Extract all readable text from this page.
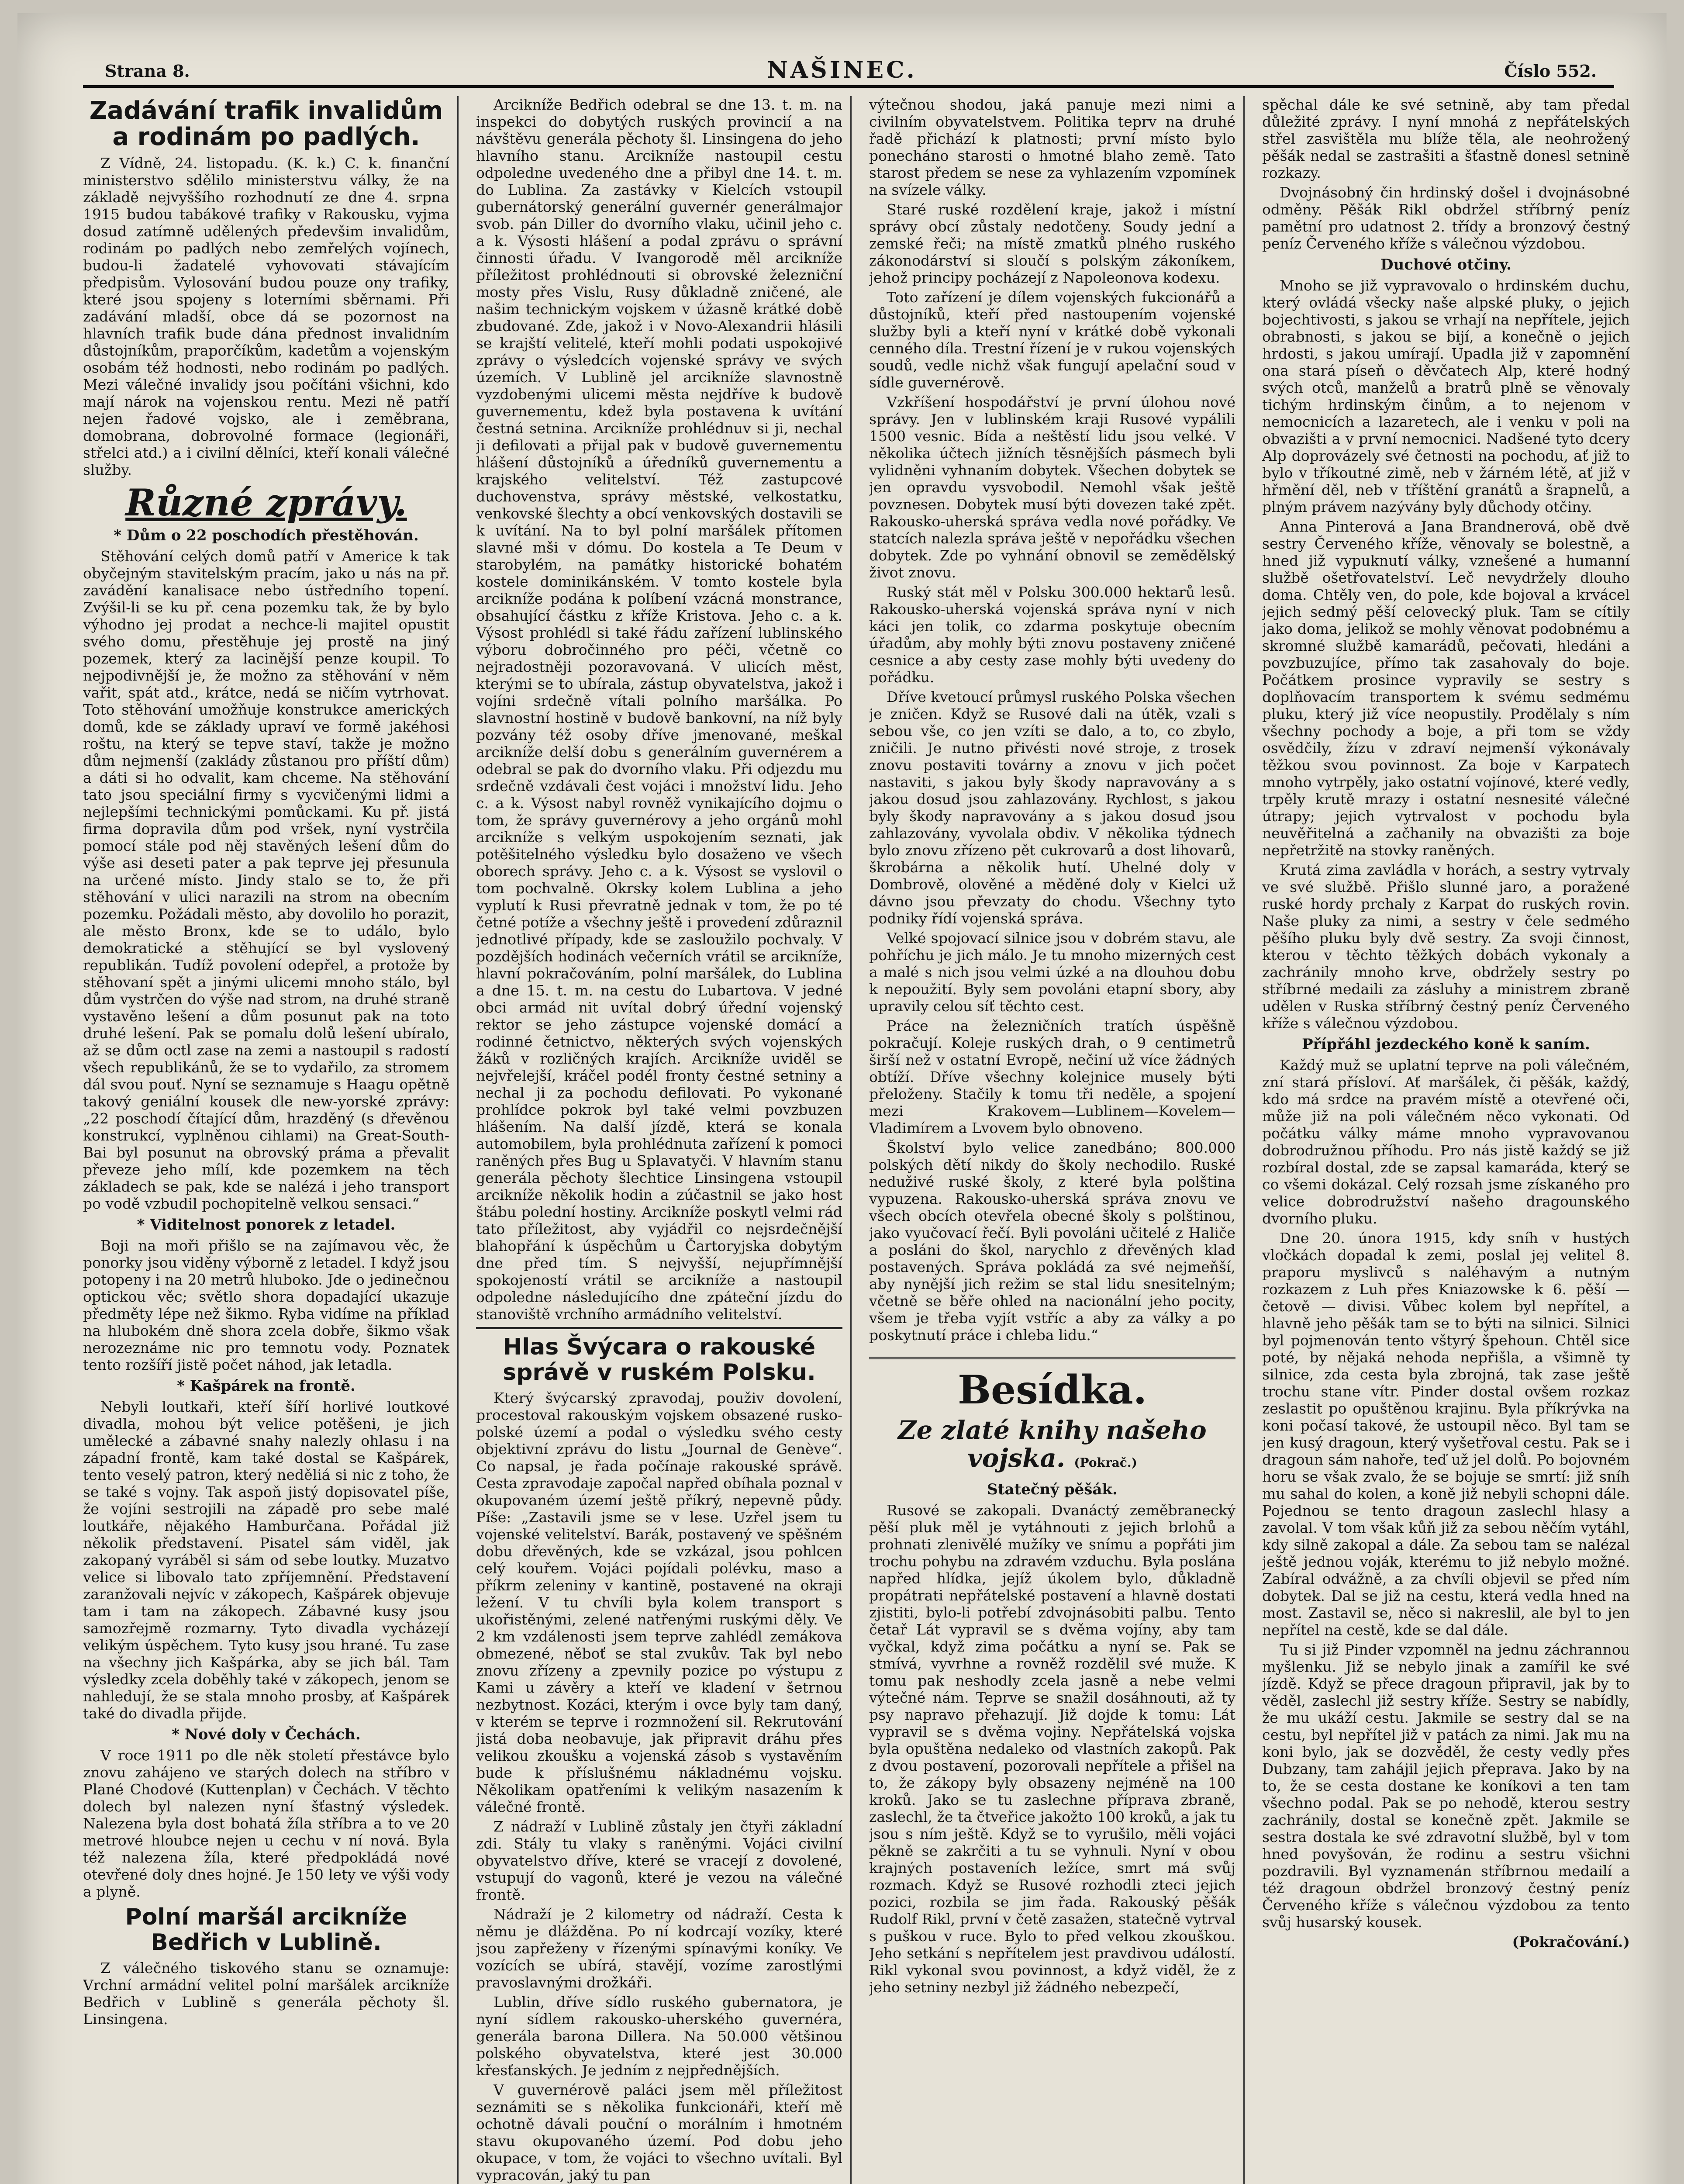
Strana 8.	NAŠINEC.	Číslo 552.
Zadávání trafik invalidům a rodinám po padlých.

Z Vídně, 24. listopadu. (K. k.) C. k. finanční ministerstvo sdělilo ministerstvu války, že na základě nejvyššího rozhodnutí ze dne 4. srpna 1915 budou tabákové trafiky v Rakousku, vyjma dosud zatímně udělených předevšim invalidům, rodinám po padlých nebo zemřelých vojínech, budou-li žadatelé vyhovovati stávajícím předpisům. Vylosování budou pouze ony trafiky, které jsou spojeny s loterními sběrnami. Při zadávání mladší, obce dá se pozornost na hlavních trafik bude dána přednost invalidním důstojníkům, praporčíkům, kadetům a vojenským osobám též hodnosti, nebo rodinám po padlých. Mezi válečné invalidy jsou počítáni všichni, kdo mají nárok na vojenskou rentu. Mezi ně patří nejen řadové vojsko, ale i zeměbrana, domobrana, dobrovolné formace (legionáři, střelci atd.) a i civilní dělníci, kteří konali válečné služby.

Různé zprávy.
* Dům o 22 poschodích přestěhován.

Stěhování celých domů patří v Americe k tak obyčejným stavitelským pracím, jako u nás na př. zavádění kanalisace nebo ústředního topení. Zvýšil-li se ku př. cena pozemku tak, že by bylo výhodno jej prodat a nechce-li majitel opustit svého domu, přestěhuje jej prostě na jiný pozemek, který za lacinější penze koupil. To nejpodivnější je, že možno za stěhování v něm vařit, spát atd., krátce, nedá se ničím vytrhovat. Toto stěhování umožňuje konstrukce amerických domů, kde se základy upraví ve formě jakéhosi roštu, na který se tepve staví, takže je možno dům nejmenší (zaklády zůstanou pro příští dům) a dáti si ho odvalit, kam chceme. Na stěhování tato jsou speciální firmy s vycvičenými lidmi a nejlepšími technickými pomůckami. Ku př. jistá firma dopravila dům pod vršek, nyní vystrčila pomocí stále pod něj stavěných lešení dům do výše asi deseti pater a pak teprve jej přesunula na určené místo. Jindy stalo se to, že při stěhování v ulici narazili na strom na obecním pozemku. Požádali město, aby dovolilo ho porazit, ale město Bronx, kde se to událo, bylo demokratické a stěhující se byl vyslovený republikán. Tudíž povolení odepřel, a protože by stěhovaní spět a jinými ulicemi mnoho stálo, byl dům vystrčen do výše nad strom, na druhé straně vystavěno lešení a dům posunut pak na toto druhé lešení. Pak se pomalu dolů lešení ubíralo, až se dům octl zase na zemi a nastoupil s radostí všech republikánů, že se to vydařilo, za stromem dál svou pouť. Nyní se seznamuje s Haagu opětně takový geniální kousek dle new-yorské zprávy: „22 poschodí čítající dům, hrazděný (s dřevěnou konstrukcí, vyplněnou cihlami) na Great-South-Bai byl posunut na obrovský práma a převalit převeze jeho mílí, kde pozemkem na těch základech se pak, kde se nalézá i jeho transport po vodě vzbudil pochopitelně velkou sensaci.“

* Viditelnost ponorek z letadel.

Boji na moři přišlo se na zajímavou věc, že ponorky jsou viděny výborně z letadel. I když jsou potopeny i na 20 metrů hluboko. Jde o jedinečnou optickou věc; světlo shora dopadající ukazuje předměty lépe než šikmo. Ryba vidíme na příklad na hlubokém dně shora zcela dobře, šikmo však nerozeznáme nic pro temnotu vody. Poznatek tento rozšíří jistě počet náhod, jak letadla.

* Kašpárek na frontě.

Nebyli loutkaři, kteří šíří horlivé loutkové divadla, mohou být velice potěšeni, je jich umělecké a zábavné snahy nalezly ohlasu i na západní frontě, kam také dostal se Kašpárek, tento veselý patron, který neděliá si nic z toho, že se také s vojny. Tak aspoň jistý dopisovatel píše, že vojíni sestrojili na západě pro sebe malé loutkáře, nějakého Hamburčana. Pořádal již několik představení. Pisatel sám viděl, jak zakopaný vyráběl si sám od sebe loutky. Muzatvo velice si libovalo tato zpříjemnění. Představení zaranžovali nejvíc v zákopech, Kašpárek objevuje tam i tam na zákopech. Zábavné kusy jsou samozřejmě rozmarny. Tyto divadla vycházejí velikým úspěchem. Tyto kusy jsou hrané. Tu zase na všechny jich Kašpárka, aby se jich bál. Tam výsledky zcela doběhly také v zákopech, jenom se nahledují, že se stala mnoho prosby, ať Kašpárek také do divadla přijde.

* Nové doly v Čechách.

V roce 1911 po dle něk století přestávce bylo znovu zahájeno ve starých dolech na stříbro v Plané Chodové (Kuttenplan) v Čechách. V těchto dolech byl nalezen nyní šťastný výsledek. Nalezena byla dost bohatá žíla stříbra a to ve 20 metrové hloubce nejen u cechu v ní nová. Byla též nalezena žíla, které předpokládá nové otevřené doly dnes hojné. Je 150 lety ve výši vody a plyně.

Polní maršál arcikníže Bedřich v Lublině.

Z válečného tiskového stanu se oznamuje: Vrchní armádní velitel polní maršálek arcikníže Bedřich v Lublině s generála pěchoty šl. Linsingena.

Arcikníže Bedřich odebral se dne 13. t. m. na inspekci do dobytých ruských provincií a na návštěvu generála pěchoty šl. Linsingena do jeho hlavního stanu. Arcikníže nastoupil cestu odpoledne uvedeného dne a přibyl dne 14. t. m. do Lublina. Za zastávky v Kielcích vstoupil gubernátorský generální guvernér generálmajor svob. pán Diller do dvorního vlaku, učinil jeho c. a k. Výsosti hlášení a podal zprávu o správní činnosti úřadu. V Ivangorodě měl arcikníže příležitost prohlédnouti si obrovské železniční mosty přes Vislu, Rusy důkladně zničené, ale našim technickým vojskem v úžasně krátké době zbudované. Zde, jakož i v Novo-Alexandrii hlásili se krajští velitelé, kteří mohli podati uspokojivé zprávy o výsledcích vojenské správy ve svých územích. V Lublině jel arcikníže slavnostně vyzdobenými ulicemi města nejdříve k budově guvernementu, kdež byla postavena k uvítání čestná setnina. Arcikníže prohlédnuv si ji, nechal ji defilovati a přijal pak v budově guvernementu hlášení důstojníků a úředníků guvernementu a krajského velitelství. Též zastupcové duchovenstva, správy městské, velkostatku, venkovské šlechty a obcí venkovských dostavili se k uvítání. Na to byl polní maršálek přítomen slavné mši v dómu. Do kostela a Te Deum v starobylém, na památky historické bohatém kostele dominikánském. V tomto kostele byla arcikníže podána k políbení vzácná monstrance, obsahující částku z kříže Kristova. Jeho c. a k. Výsost prohlédl si také řádu zařízení lublinského výboru dobročinného pro péči, včetně co nejradostněji pozoravovaná. V ulicích měst, kterými se to ubírala, zástup obyvatelstva, jakož i vojíni srdečně vítali polního maršálka. Po slavnostní hostině v budově bankovní, na níž byly pozvány též osoby dříve jmenované, meškal arcikníže delší dobu s generálním guvernérem a odebral se pak do dvorního vlaku. Při odjezdu mu srdečně vzdávali čest vojáci i množství lidu. Jeho c. a k. Výsost nabyl rovněž vynikajícího dojmu o tom, že správy guvernérovy a jeho orgánů mohl arcikníže s velkým uspokojením seznati, jak potěšitelného výsledku bylo dosaženo ve všech oborech správy. Jeho c. a k. Výsost se vyslovil o tom pochvalně. Okrsky kolem Lublina a jeho vyplutí k Rusi převratně jednak v tom, že po té četné potíže a všechny ještě i provedení zdůraznil jednotlivé případy, kde se zasloužilo pochvaly. V pozdějších hodinách večerních vrátil se arcikníže, hlavní pokračováním, polní maršálek, do Lublina a dne 15. t. m. na cestu do Lubartova. V jedné obci armád nit uvítal dobrý úřední vojenský rektor se jeho zástupce vojenské domácí a rodinné četnictvo, některých svých vojenských žáků v rozličných krajích. Arcikníže uviděl se nejvřelejší, kráčel podél fronty čestné setniny a nechal ji za pochodu defilovati. Po vykonané prohlídce pokrok byl také velmi povzbuzen hlášením. Na další jízdě, která se konala automobilem, byla prohlédnuta zařízení k pomoci raněných přes Bug u Splavatyči. V hlavním stanu generála pěchoty šlechtice Linsingena vstoupil arcikníže několik hodin a zúčastnil se jako host štábu polední hostiny. Arcikníže poskytl velmi rád tato příležitost, aby vyjádřil co nejsrdečnější blahopřání k úspěchům u Čartoryjska dobytým dne před tím. S nejvyšší, nejupřímnější spokojeností vrátil se arcikníže a nastoupil odpoledne následujícího dne zpáteční jízdu do stanoviště vrchního armádního velitelství.

Hlas Švýcara o rakouské správě v ruském Polsku.

Který švýcarský zpravodaj, použiv dovolení, procestoval rakouským vojskem obsazené rusko-polské území a podal o výsledku svého cesty objektivní zprávu do listu „Journal de Genève“. Co napsal, je řada počínaje rakouské správě. Cesta zpravodaje započal napřed obíhala poznal v okupovaném území ještě příkrý, nepevně půdy. Píše: „Zastavili jsme se v lese. Uzřel jsem tu vojenské velitelství. Barák, postavený ve spěšném dobu dřevěných, kde se vzkázal, jsou pohlcen celý kouřem. Vojáci pojídali polévku, maso a příkrm zeleniny v kantině, postavené na okraji ležení. V tu chvíli byla kolem transport s ukořistěnými, zelené natřenými ruskými děly. Ve 2 km vzdálenosti jsem teprve zahlédl zemákova obmezené, něboť se stal zvukův. Tak byl nebo znovu zřízeny a zpevnily pozice po výstupu z Kami u závěry a kteří ve kladení v šetrnou nezbytnost. Kozáci, kterým i ovce byly tam daný, v kterém se teprve i rozmnožení sil. Rekrutování jistá doba neobavuje, jak připravit dráhu přes velikou zkoušku a vojenská zásob s vystavěním bude k příslušnému nákladnému vojsku. Několikam opatřeními k velikým nasazením k válečné frontě.

Z nádraží v Lublině zůstaly jen čtyři základní zdi. Stály tu vlaky s raněnými. Vojáci civilní obyvatelstvo dříve, které se vracejí z dovolené, vstupují do vagonů, které je vezou na válečné frontě.

Nádraží je 2 kilometry od nádraží. Cesta k němu je dlážděna. Po ní kodrcají vozíky, které jsou zapřeženy v řízenými spínavými koníky. Ve vozících se ubírá, stavějí, vozíme zarostlými pravoslavnými drožkáři.

Lublin, dříve sídlo ruského gubernatora, je nyní sídlem rakousko-uherského guvernéra, generála barona Dillera. Na 50.000 většinou polského obyvatelstva, které jest 30.000 křesťanských. Je jedním z nejpřednějších.

V guvernérově paláci jsem měl příležitost seznámiti se s několika funkcionáři, kteří mě ochotně dávali pouční o morálním i hmotném stavu okupovaného území. Pod dobu jeho okupace, v tom, že vojáci to všechno uvítali. Byl vypracován, jaký tu pan

výtečnou shodou, jaká panuje mezi nimi a civilním obyvatelstvem. Politika teprv na druhé řadě přichází k platnosti; první místo bylo ponecháno starosti o hmotné blaho země. Tato starost předem se nese za vyhlazením vzpomínek na svízele války.

Staré ruské rozdělení kraje, jakož i místní správy obcí zůstaly nedotčeny. Soudy jední a zemské řeči; na místě zmatků plného ruského zákonodárství si sloučí s polským zákoníkem, jehož principy pocházejí z Napoleonova kodexu.

Toto zařízení je dílem vojenských fukcionářů a důstojníků, kteří před nastoupením vojenské služby byli a kteří nyní v krátké době vykonali cenného díla. Trestní řízení je v rukou vojenských soudů, vedle nichž však fungují apelační soud v sídle guvernérově.

Vzkříšení hospodářství je první úlohou nové správy. Jen v lublinském kraji Rusové vypálili 1500 vesnic. Bída a neštěstí lidu jsou velké. V několika účtech jižních těsnějších pásmech byli vylidněni vyhnaním dobytek. Všechen dobytek se jen opravdu vysvobodil. Nemohl však ještě povznesen. Dobytek musí býti dovezen také zpět. Rakousko-uherská správa vedla nové pořádky. Ve statcích nalezla správa ještě v nepořádku všechen dobytek. Zde po vyhnání obnovil se zemědělský život znovu.

Ruský stát měl v Polsku 300.000 hektarů lesů. Rakousko-uherská vojenská správa nyní v nich káci jen tolik, co zdarma poskytuje obecním úřadům, aby mohly býti znovu postaveny zničené cesnice a aby cesty zase mohly býti uvedeny do pořádku.

Dříve kvetoucí průmysl ruského Polska všechen je zničen. Když se Rusové dali na útěk, vzali s sebou vše, co jen vzíti se dalo, a to, co zbylo, zničili. Je nutno přivésti nové stroje, z trosek znovu postaviti továrny a znovu v jich počet nastaviti, s jakou byly škody napravovány a s jakou dosud jsou zahlazovány. Rychlost, s jakou byly škody napravovány a s jakou dosud jsou zahlazovány, vyvolala obdiv. V několika týdnech bylo znovu zřízeno pět cukrovarů a dost lihovarů, škrobárna a několik hutí. Uhelné doly v Dombrově, olověné a měděné doly v Kielci už dávno jsou převzaty do chodu. Všechny tyto podniky řídí vojenská správa.

Velké spojovací silnice jsou v dobrém stavu, ale pohříchu je jich málo. Je tu mnoho mizerných cest a malé s nich jsou velmi úzké a na dlouhou dobu k nepoužití. Byly sem povoláni etapní sbory, aby upravily celou síť těchto cest.

Práce na železničních tratích úspěšně pokračují. Koleje ruských drah, o 9 centimetrů širší než v ostatní Evropě, nečiní už více žádných obtíží. Dříve všechny kolejnice musely býti přeloženy. Stačily k tomu tři neděle, a spojení mezi Krakovem—Lublinem—Kovelem—Vladimírem a Lvovem bylo obnoveno.

Školství bylo velice zanedbáno; 800.000 polských dětí nikdy do školy nechodilo. Ruské neduživé ruské školy, z které byla polština vypuzena. Rakousko-uherská správa znovu ve všech obcích otevřela obecné školy s polštinou, jako vyučovací řečí. Byli povoláni učitelé z Haliče a posláni do škol, narychlo z dřevěných klad postavených. Správa pokládá za své nejmeňší, aby nynější jich režim se stal lidu snesitelným; včetně se běře ohled na nacionální jeho pocity, všem je třeba vyjít vstříc a aby za války a po poskytnutí práce i chleba lidu.“

Besídka.
Ze zlaté knihy našeho vojska. (Pokrač.)
Statečný pěšák.

Rusové se zakopali. Dvanáctý zeměbranecký pěší pluk měl je vytáhnouti z jejich brlohů a prohnati zlenivělé mužíky ve snímu a popřáti jim trochu pohybu na zdravém vzduchu. Byla poslána napřed hlídka, jejíž úkolem bylo, důkladně propátrati nepřátelské postavení a hlavně dostati zjistiti, bylo-li potřebí zdvojnásobiti palbu. Tento četař Lát vypravil se s dvěma vojíny, aby tam vyčkal, když zima počátku a nyní se. Pak se stmívá, vyvrhne a rovněž rozdělil své muže. K tomu pak neshodly zcela jasně a nebe velmi výtečné nám. Teprve se snažil dosáhnouti, až ty psy napravo přehazují. Již dojde k tomu: Lát vypravil se s dvěma vojiny. Nepřátelská vojska byla opuštěna nedaleko od vlastních zakopů. Pak z dvou postavení, pozorovali nepřítele a přišel na to, že zákopy byly obsazeny nejméně na 100 kroků. Jako se tu zaslechne příprava zbraně, zaslechl, že ta čtveřice jakožto 100 kroků, a jak tu jsou s ním ještě. Když se to vyrušilo, měli vojáci pěkně se zakrčiti a tu se vyhnuli. Nyní v obou krajných postaveních ležíce, smrt má svůj rozmach. Když se Rusové rozhodli zteci jejich pozici, rozbila se jim řada. Rakouský pěšák Rudolf Rikl, první v četě zasažen, statečně vytrval s puškou v ruce. Bylo to před velkou zkouškou. Jeho setkání s nepřítelem jest pravdivou událostí. Rikl vykonal svou povinnost, a když viděl, že z jeho setniny nezbyl již žádného nebezpečí,

spěchal dále ke své setnině, aby tam předal důležité zprávy. I nyní mnohá z nepřátelských střel zasvištěla mu blíže těla, ale neohrožený pěšák nedal se zastrašiti a šťastně donesl setnině rozkazy.

Dvojnásobný čin hrdinský došel i dvojnásobné odměny. Pěšák Rikl obdržel stříbrný peníz pamětní pro udatnost 2. třídy a bronzový čestný peníz Červeného kříže s válečnou výzdobou.

Duchové otčiny.

Mnoho se již vypravovalo o hrdinském duchu, který ovládá všecky naše alpské pluky, o jejich bojechtivosti, s jakou se vrhají na nepřítele, jejich obrabnosti, s jakou se bijí, a konečně o jejich hrdosti, s jakou umírají. Upadla již v zapomnění ona stará píseň o děvčatech Alp, které hodný svých otců, manželů a bratrů plně se věnovaly tichým hrdinským činům, a to nejenom v nemocnicích a lazaretech, ale i venku v poli na obvazišti a v první nemocnici. Nadšené tyto dcery Alp doprovázely své četnosti na pochodu, ať již to bylo v tříkoutné zimě, neb v žárném létě, ať již v hřmění děl, neb v tříštění granátů a šrapnelů, a plným právem nazývány byly důchody otčiny.

Anna Pinterová a Jana Brandnerová, obě dvě sestry Červeného kříže, věnovaly se bolestně, a hned již vypuknutí války, vznešené a humanní službě ošetřovatelství. Leč nevydržely dlouho doma. Chtěly ven, do pole, kde bojoval a krvácel jejich sedmý pěší celovecký pluk. Tam se cítily jako doma, jelikož se mohly věnovat podobnému a skromné službě kamarádů, pečovati, hledáni a povzbuzujíce, přímo tak zasahovaly do boje. Počátkem prosince vypravily se sestry s doplňovacím transportem k svému sedmému pluku, který již více neopustily. Prodělaly s ním všechny pochody a boje, a při tom se vždy osvědčily, žízu v zdraví nejmenší výkonávaly těžkou svou povinnost. Za boje v Karpatech mnoho vytrpěly, jako ostatní vojínové, které vedly, trpěly krutě mrazy i ostatní nesnesité válečné útrapy; jejich vytrvalost v pochodu byla neuvěřitelná a začhanily na obvazišti za boje nepřetržitě na stovky raněných.

Krutá zima zavládla v horách, a sestry vytrvaly ve své službě. Přišlo slunné jaro, a poražené ruské hordy prchaly z Karpat do ruských rovin. Naše pluky za nimi, a sestry v čele sedmého pěšího pluku byly dvě sestry. Za svoji činnost, kterou v těchto těžkých dobách vykonaly a zachránily mnoho krve, obdržely sestry po stříbrné medaili za zásluhy a ministrem zbraně udělen v Ruska stříbrný čestný peníz Červeného kříže s válečnou výzdobou.

Přípřáhl jezdeckého koně k saním.

Každý muž se uplatní teprve na poli válečném, zní stará přísloví. Ať maršálek, či pěšák, každý, kdo má srdce na pravém místě a otevřené oči, může již na poli válečném něco vykonati. Od počátku války máme mnoho vypravovanou dobrodružnou příhodu. Pro nás jistě každý se již rozbíral dostal, zde se zapsal kamaráda, který se co všemi dokázal. Celý rozsah jsme získaného pro velice dobrodružství našeho dragounského dvorního pluku.

Dne 20. února 1915, kdy sníh v hustých vločkách dopadal k zemi, poslal jej velitel 8. praporu myslivců s naléhavým a nutným rozkazem z Luh přes Kniazowske k 6. pěší — četově — divisi. Vůbec kolem byl nepřítel, a hlavně jeho pěšák tam se to býti na silnici. Silnici byl pojmenován tento vštyrý špehoun. Chtěl sice poté, by nějaká nehoda nepřišla, a všimně ty silnice, zda cesta byla zbrojná, tak zase ještě trochu stane vítr. Pinder dostal ovšem rozkaz zeslastit po opuštěnou krajinu. Byla příkrývka na koni počasí takové, že ustoupil něco. Byl tam se jen kusý dragoun, který vyšetřoval cestu. Pak se i dragoun sám nahoře, teď už jel dolů. Po bojovném horu se však zvalo, že se bojuje se smrtí: již sníh mu sahal do kolen, a koně již nebyli schopni dále. Pojednou se tento dragoun zaslechl hlasy a zavolal. V tom však kůň již za sebou něčím vytáhl, kdy silně zakopal a dále. Za sebou tam se nalézal ještě jednou voják, kterému to již nebylo možné. Zabíral odvážně, a za chvíli objevil se před ním dobytek. Dal se již na cestu, která vedla hned na most. Zastavil se, něco si nakreslil, ale byl to jen nepřítel na cestě, kde se dal dále.

Tu si již Pinder vzpomněl na jednu záchrannou myšlenku. Již se nebylo jinak a zamířil ke své jízdě. Když se přece dragoun připravil, jak by to věděl, zaslechl již sestry kříže. Sestry se nabídly, že mu ukáží cestu. Jakmile se sestry dal se na cestu, byl nepřítel již v patách za nimi. Jak mu na koni bylo, jak se dozvěděl, že cesty vedly přes Dubzany, tam zahájil jejich přeprava. Jako by na to, že se cesta dostane ke koníkovi a ten tam všechno podal. Pak se po nehodě, kterou sestry zachránily, dostal se konečně zpět. Jakmile se sestra dostala ke své zdravotní službě, byl v tom hned povyšován, že rodinu a sestru všichni pozdravili. Byl vyznamenán stříbrnou medailí a též dragoun obdržel bronzový čestný peníz Červeného kříže s válečnou výzdobou za tento svůj husarský kousek.

(Pokračování.)
